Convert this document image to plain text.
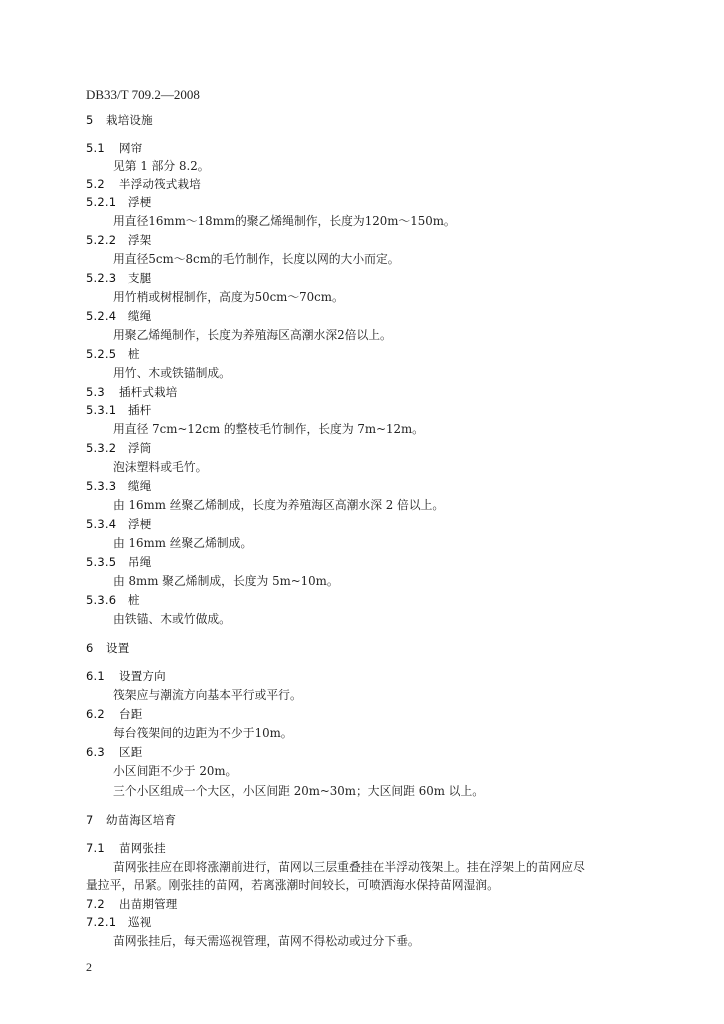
DB33/T 709.2—2008
5 栽培设施
5.1 网帘
见第 1 部分 8.2。
5.2 半浮动筏式栽培
5.2.1 浮梗
用直径16mm～18mm的聚乙烯绳制作，长度为120m～150m。
5.2.2 浮架
用直径5cm～8cm的毛竹制作，长度以网的大小而定。
5.2.3 支腿
用竹梢或树棍制作，高度为50cm～70cm。
5.2.4 缆绳
用聚乙烯绳制作，长度为养殖海区高潮水深2倍以上。
5.2.5 桩
用竹、木或铁锚制成。
5.3 插杆式栽培
5.3.1 插杆
用直径 7cm~12cm 的整枝毛竹制作，长度为 7m~12m。
5.3.2 浮筒
泡沫塑料或毛竹。
5.3.3 缆绳
由 16mm 丝聚乙烯制成，长度为养殖海区高潮水深 2 倍以上。
5.3.4 浮梗
由 16mm 丝聚乙烯制成。
5.3.5 吊绳
由 8mm 聚乙烯制成，长度为 5m~10m。
5.3.6 桩
由铁锚、木或竹做成。
6 设置
6.1 设置方向
筏架应与潮流方向基本平行或平行。
6.2 台距
每台筏架间的边距为不少于10m。
6.3 区距
小区间距不少于 20m。
三个小区组成一个大区，小区间距 20m~30m；大区间距 60m 以上。
7 幼苗海区培育
7.1 苗网张挂
苗网张挂应在即将涨潮前进行，苗网以三层重叠挂在半浮动筏架上。挂在浮架上的苗网应尽
量拉平，吊紧。刚张挂的苗网，若离涨潮时间较长，可喷洒海水保持苗网湿润。
7.2 出苗期管理
7.2.1 巡视
苗网张挂后，每天需巡视管理，苗网不得松动或过分下垂。
2
